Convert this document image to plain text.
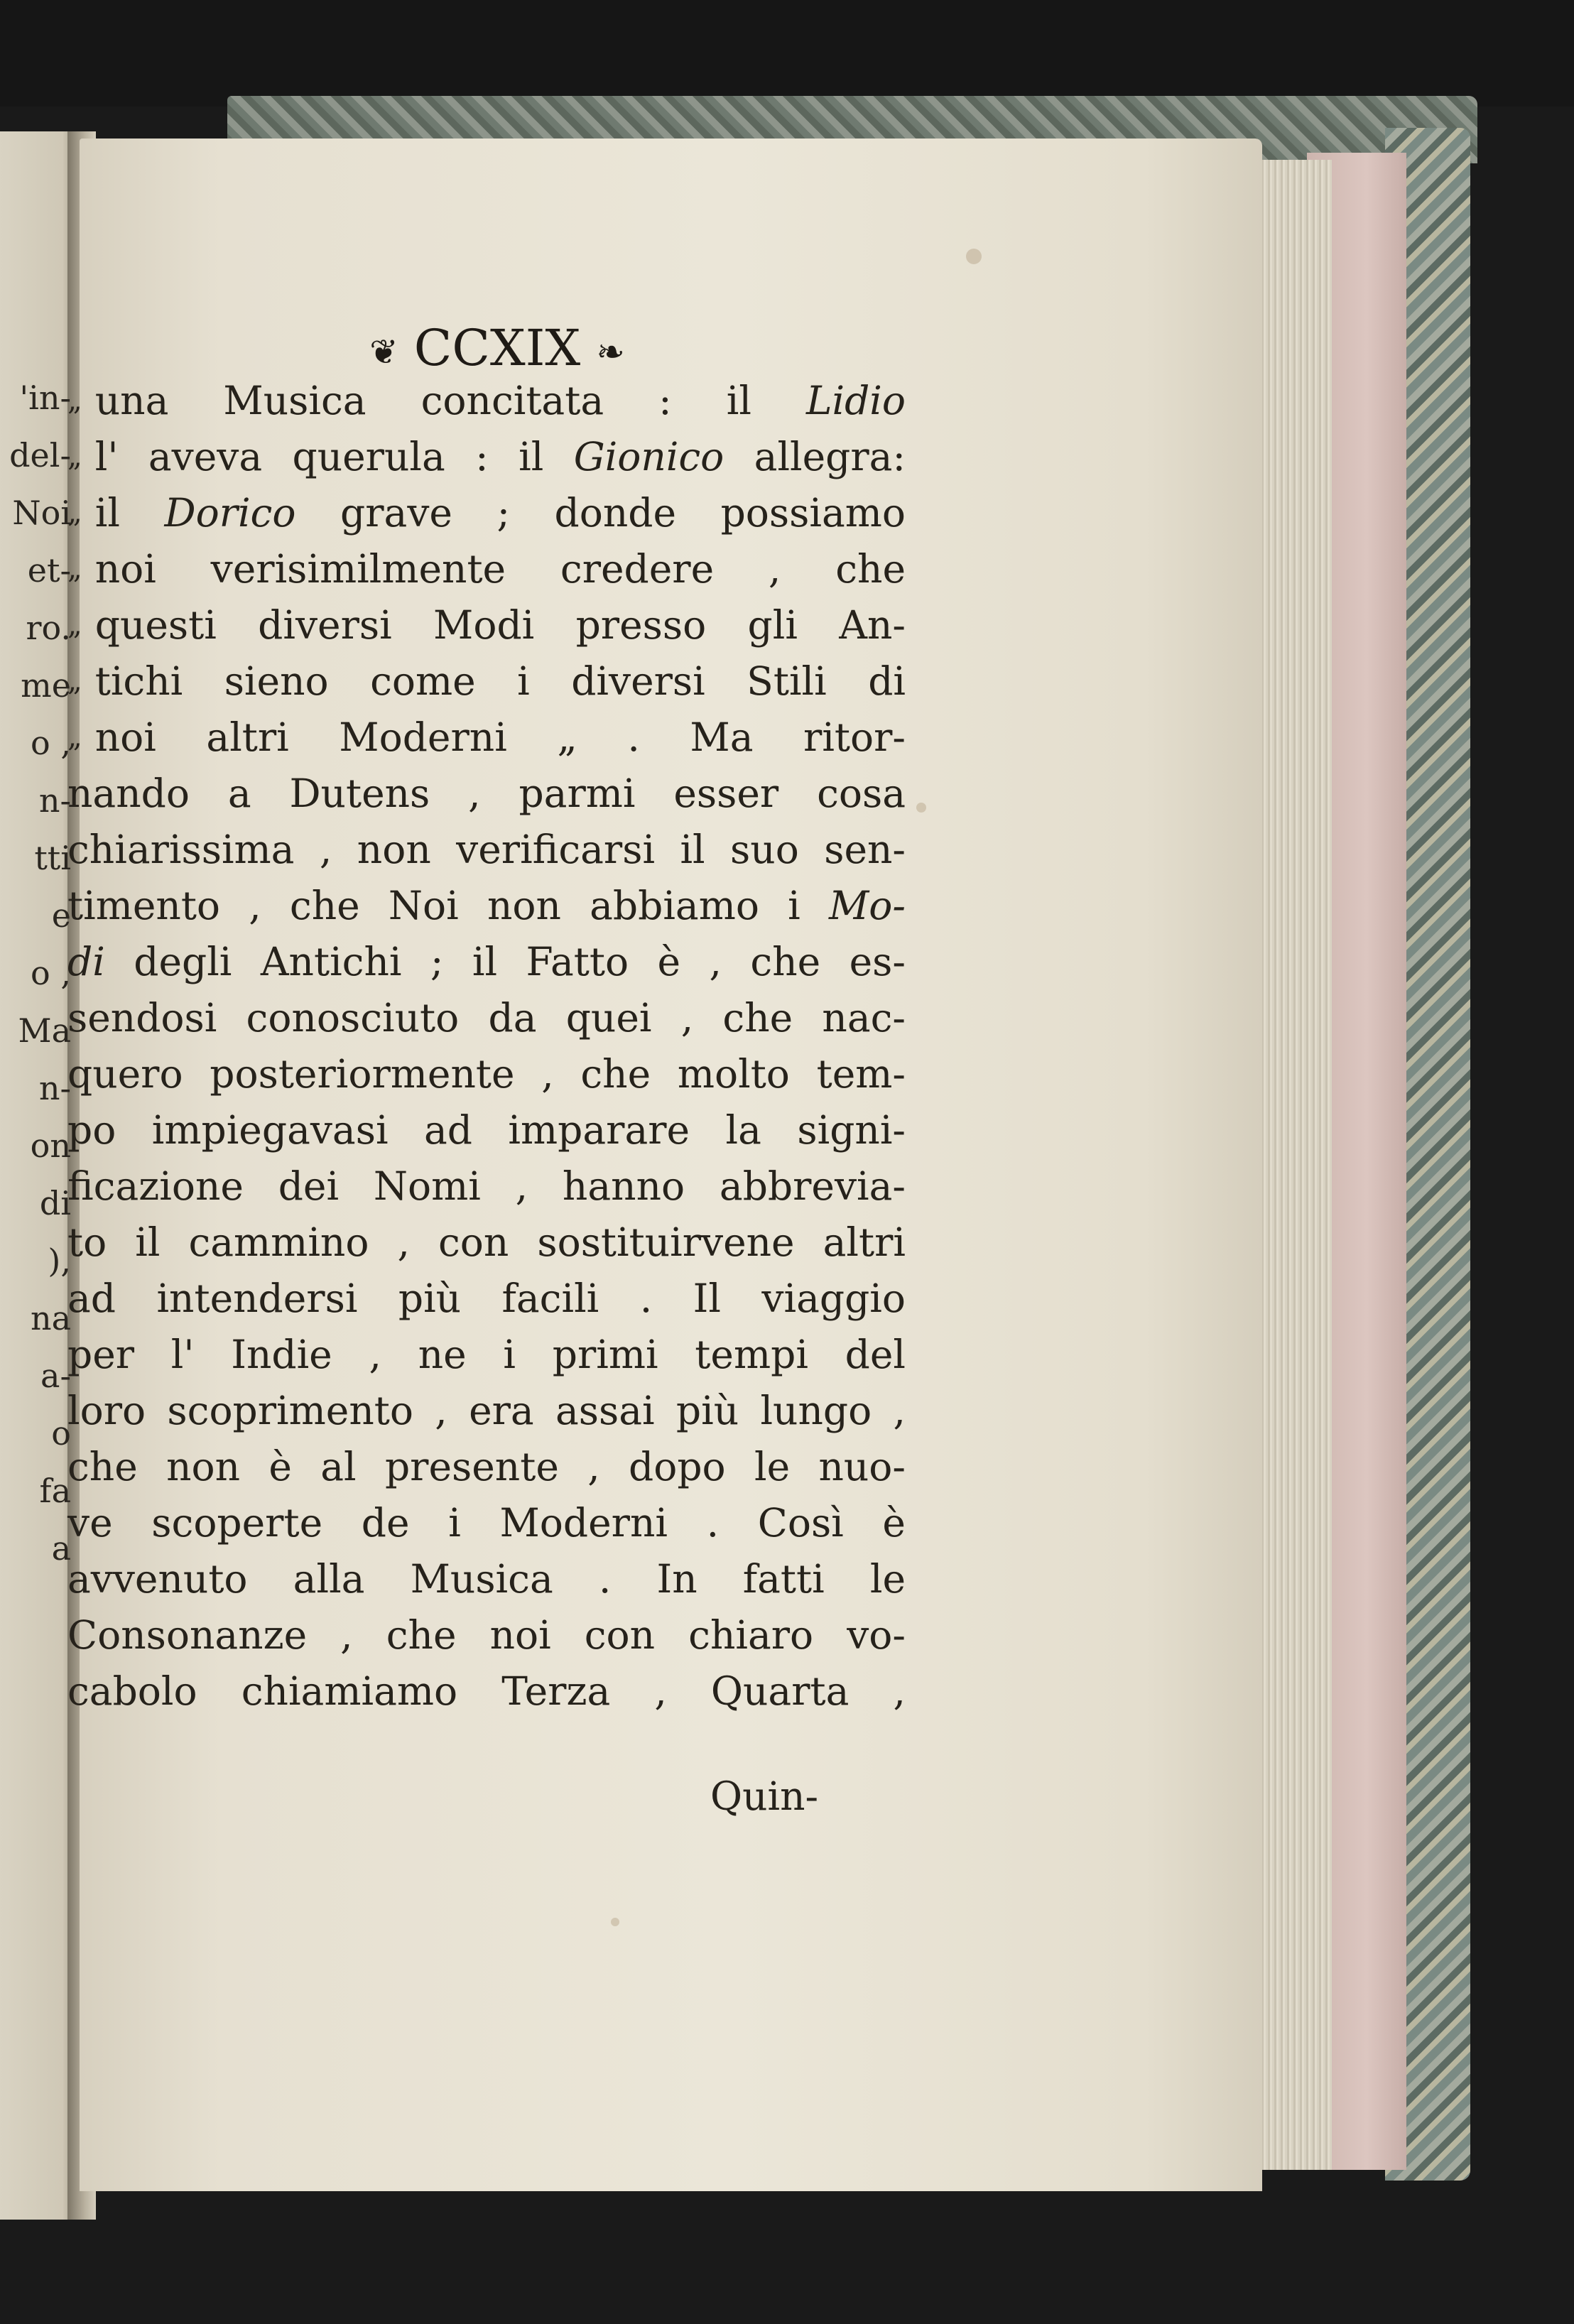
'in-
del-
Noi
et-
ro.
me
o ,
n-
tti
e
o ,
Ma
n-
on
di
),
na
a-
o
fa
a
❦ CCXIX ❧
„ una Musica concitata : il Lidio
„ l' aveva querula : il Gionico allegra:
„ il Dorico grave ; donde possiamo
„ noi verisimilmente credere , che
„ questi diversi Modi presso gli An-
„ tichi sieno come i diversi Stili di
„ noi altri Moderni „ . Ma ritor-
nando a Dutens , parmi esser cosa
chiarissima , non verificarsi il suo sen-
timento , che Noi non abbiamo i Mo-
di degli Antichi ; il Fatto è , che es-
sendosi conosciuto da quei , che nac-
quero posteriormente , che molto tem-
po impiegavasi ad imparare la signi-
ficazione dei Nomi , hanno abbrevia-
to il cammino , con sostituirvene altri
ad intendersi più facili . Il viaggio
per l' Indie , ne i primi tempi del
loro scoprimento , era assai più lungo ,
che non è al presente , dopo le nuo-
ve scoperte de i Moderni . Così è
avvenuto alla Musica . In fatti le
Consonanze , che noi con chiaro vo-
cabolo chiamiamo Terza , Quarta ,
Quin-
